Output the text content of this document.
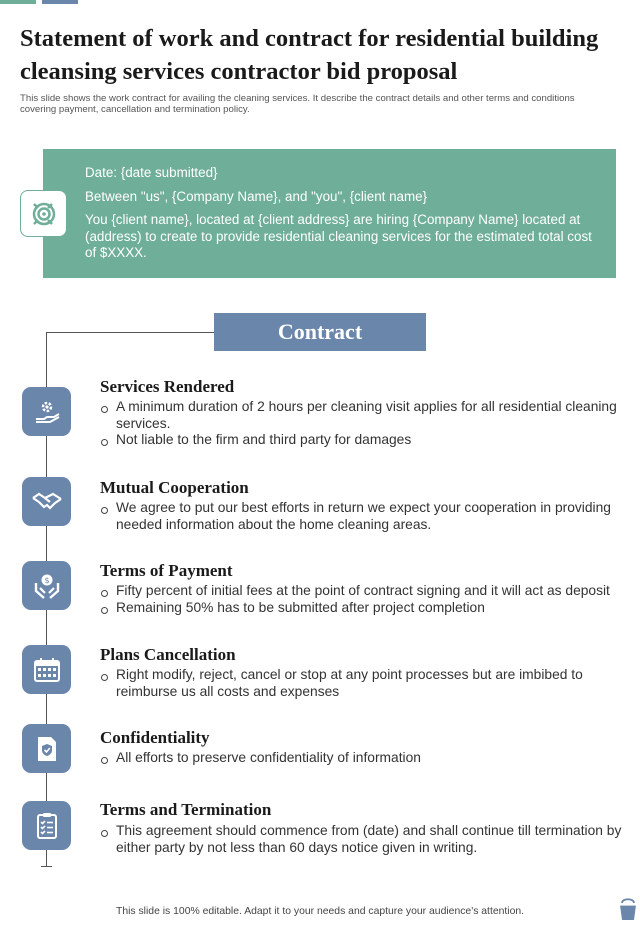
Statement of work and contract for residential building cleansing services contractor bid proposal
This slide shows the work contract for availing the cleaning services. It describe the contract details and other terms and conditions covering payment, cancellation and termination policy.

Date: {date submitted}

Between "us", {Company Name}, and "you", {client name}

You {client name}, located at {client address} are hiring {Company Name} located at (address) to create to provide residential cleaning services for the estimated total cost of $XXXX.

Contract
Services Rendered
A minimum duration of 2 hours per cleaning visit applies for all residential cleaning services.
Not liable to the firm and third party for damages
Mutual Cooperation
We agree to put our best efforts in return we expect your cooperation in providing needed information about the home cleaning areas.
$	Terms of Payment
Fifty percent of initial fees at the point of contract signing and it will act as deposit
Remaining 50% has to be submitted after project completion
Plans Cancellation
Right modify, reject, cancel or stop at any point processes but are imbibed to reimburse us all costs and expenses
Confidentiality
All efforts to preserve confidentiality of information
Terms and Termination
This agreement should commence from (date) and shall continue till termination by either party by not less than 60 days notice given in writing.
This slide is 100% editable. Adapt it to your needs and capture your audience's attention.
